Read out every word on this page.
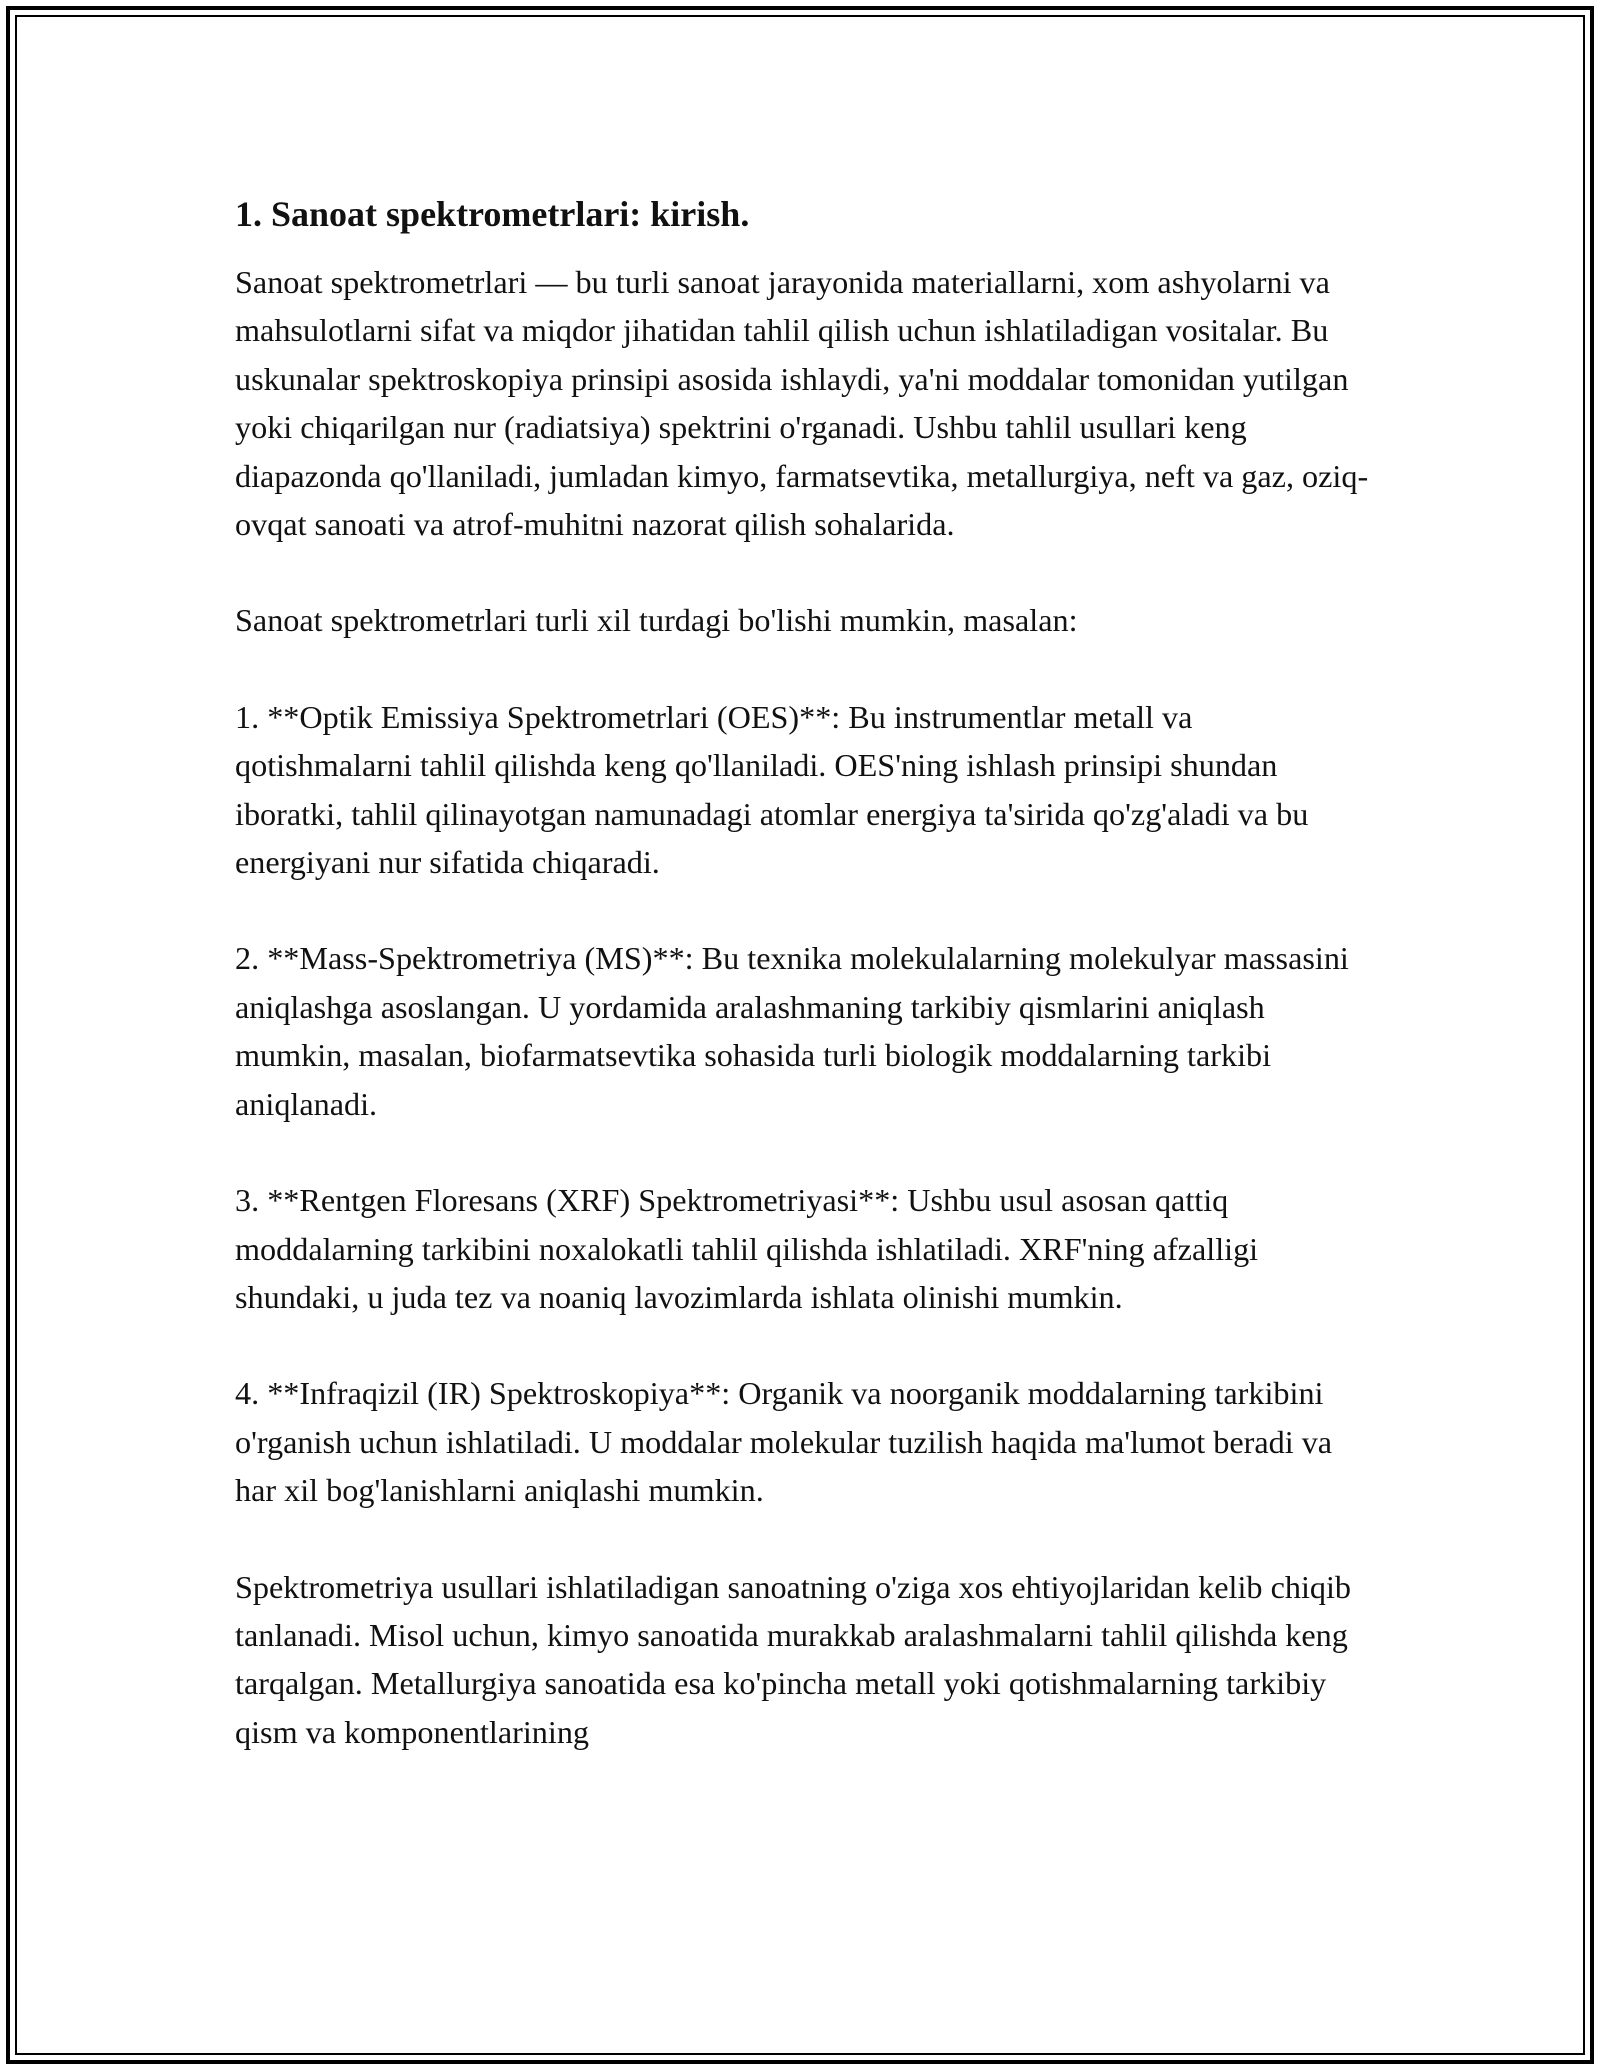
1. Sanoat spektrometrlari: kirish.

Sanoat spektrometrlari — bu turli sanoat jarayonida materiallarni, xom ashyolarni va mahsulotlarni sifat va miqdor jihatidan tahlil qilish uchun ishlatiladigan vositalar. Bu uskunalar spektroskopiya prinsipi asosida ishlaydi, ya'ni moddalar tomonidan yutilgan yoki chiqarilgan nur (radiatsiya) spektrini o'rganadi. Ushbu tahlil usullari keng diapazonda qo'llaniladi, jumladan kimyo, farmatsevtika, metallurgiya, neft va gaz, oziq-ovqat sanoati va atrof-muhitni nazorat qilish sohalarida.

Sanoat spektrometrlari turli xil turdagi bo'lishi mumkin, masalan:

1. **Optik Emissiya Spektrometrlari (OES)**: Bu instrumentlar metall va qotishmalarni tahlil qilishda keng qo'llaniladi. OES'ning ishlash prinsipi shundan iboratki, tahlil qilinayotgan namunadagi atomlar energiya ta'sirida qo'zg'aladi va bu energiyani nur sifatida chiqaradi.

2. **Mass-Spektrometriya (MS)**: Bu texnika molekulalarning molekulyar massasini aniqlashga asoslangan. U yordamida aralashmaning tarkibiy qismlarini aniqlash mumkin, masalan, biofarmatsevtika sohasida turli biologik moddalarning tarkibi aniqlanadi.

3. **Rentgen Floresans (XRF) Spektrometriyasi**: Ushbu usul asosan qattiq moddalarning tarkibini noxalokatli tahlil qilishda ishlatiladi. XRF'ning afzalligi shundaki, u juda tez va noaniq lavozimlarda ishlata olinishi mumkin.

4. **Infraqizil (IR) Spektroskopiya**: Organik va noorganik moddalarning tarkibini o'rganish uchun ishlatiladi. U moddalar molekular tuzilish haqida ma'lumot beradi va har xil bog'lanishlarni aniqlashi mumkin.

Spektrometriya usullari ishlatiladigan sanoatning o'ziga xos ehtiyojlaridan kelib chiqib tanlanadi. Misol uchun, kimyo sanoatida murakkab aralashmalarni tahlil qilishda keng tarqalgan. Metallurgiya sanoatida esa ko'pincha metall yoki qotishmalarning tarkibiy qism va komponentlarining
